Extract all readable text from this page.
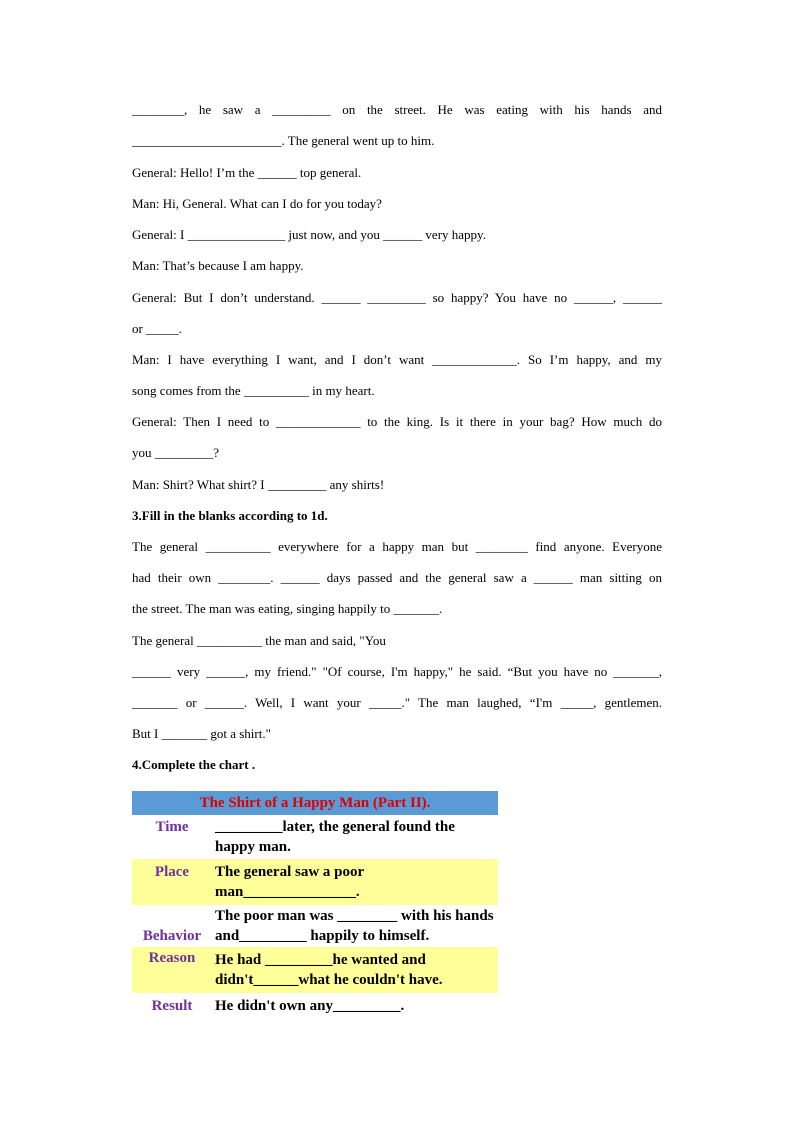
________, he saw a _________ on the street. He was eating with his hands and
_______________________. The general went up to him.
General: Hello! I’m the ______ top general.
Man: Hi, General. What can I do for you today?
General: I _______________ just now, and you ______ very happy.
Man: That’s because I am happy.
General: But I don’t understand. ______ _________ so happy? You have no ______, ______
or _____.
Man: I have everything I want, and I don’t want _____________. So I’m happy, and my
song comes from the __________ in my heart.
General: Then I need to _____________ to the king. Is it there in your bag? How much do
you _________?
Man: Shirt? What shirt? I _________ any shirts!
3.Fill in the blanks according to 1d.
The general __________ everywhere for a happy man but ________ find anyone. Everyone
had their own ________. ______ days passed and the general saw a ______ man sitting on
the street. The man was eating, singing happily to _______.
The general __________ the man and said, "You
______ very ______, my friend." "Of course, I'm happy," he said. “But you have no _______,
_______ or ______. Well, I want your _____." The man laughed, “I'm _____, gentlemen.
But I _______ got a shirt."
4.Complete the chart .
The Shirt of a Happy Man (Part II).	
Time	_________later, the general found the happy man.
Place	The general saw a poor man_______________.
Behavior	The poor man was ________ with his hands and_________ happily to himself.
Reason	He had _________he wanted and didn't______what he couldn't have.
Result	He didn't own any_________.
